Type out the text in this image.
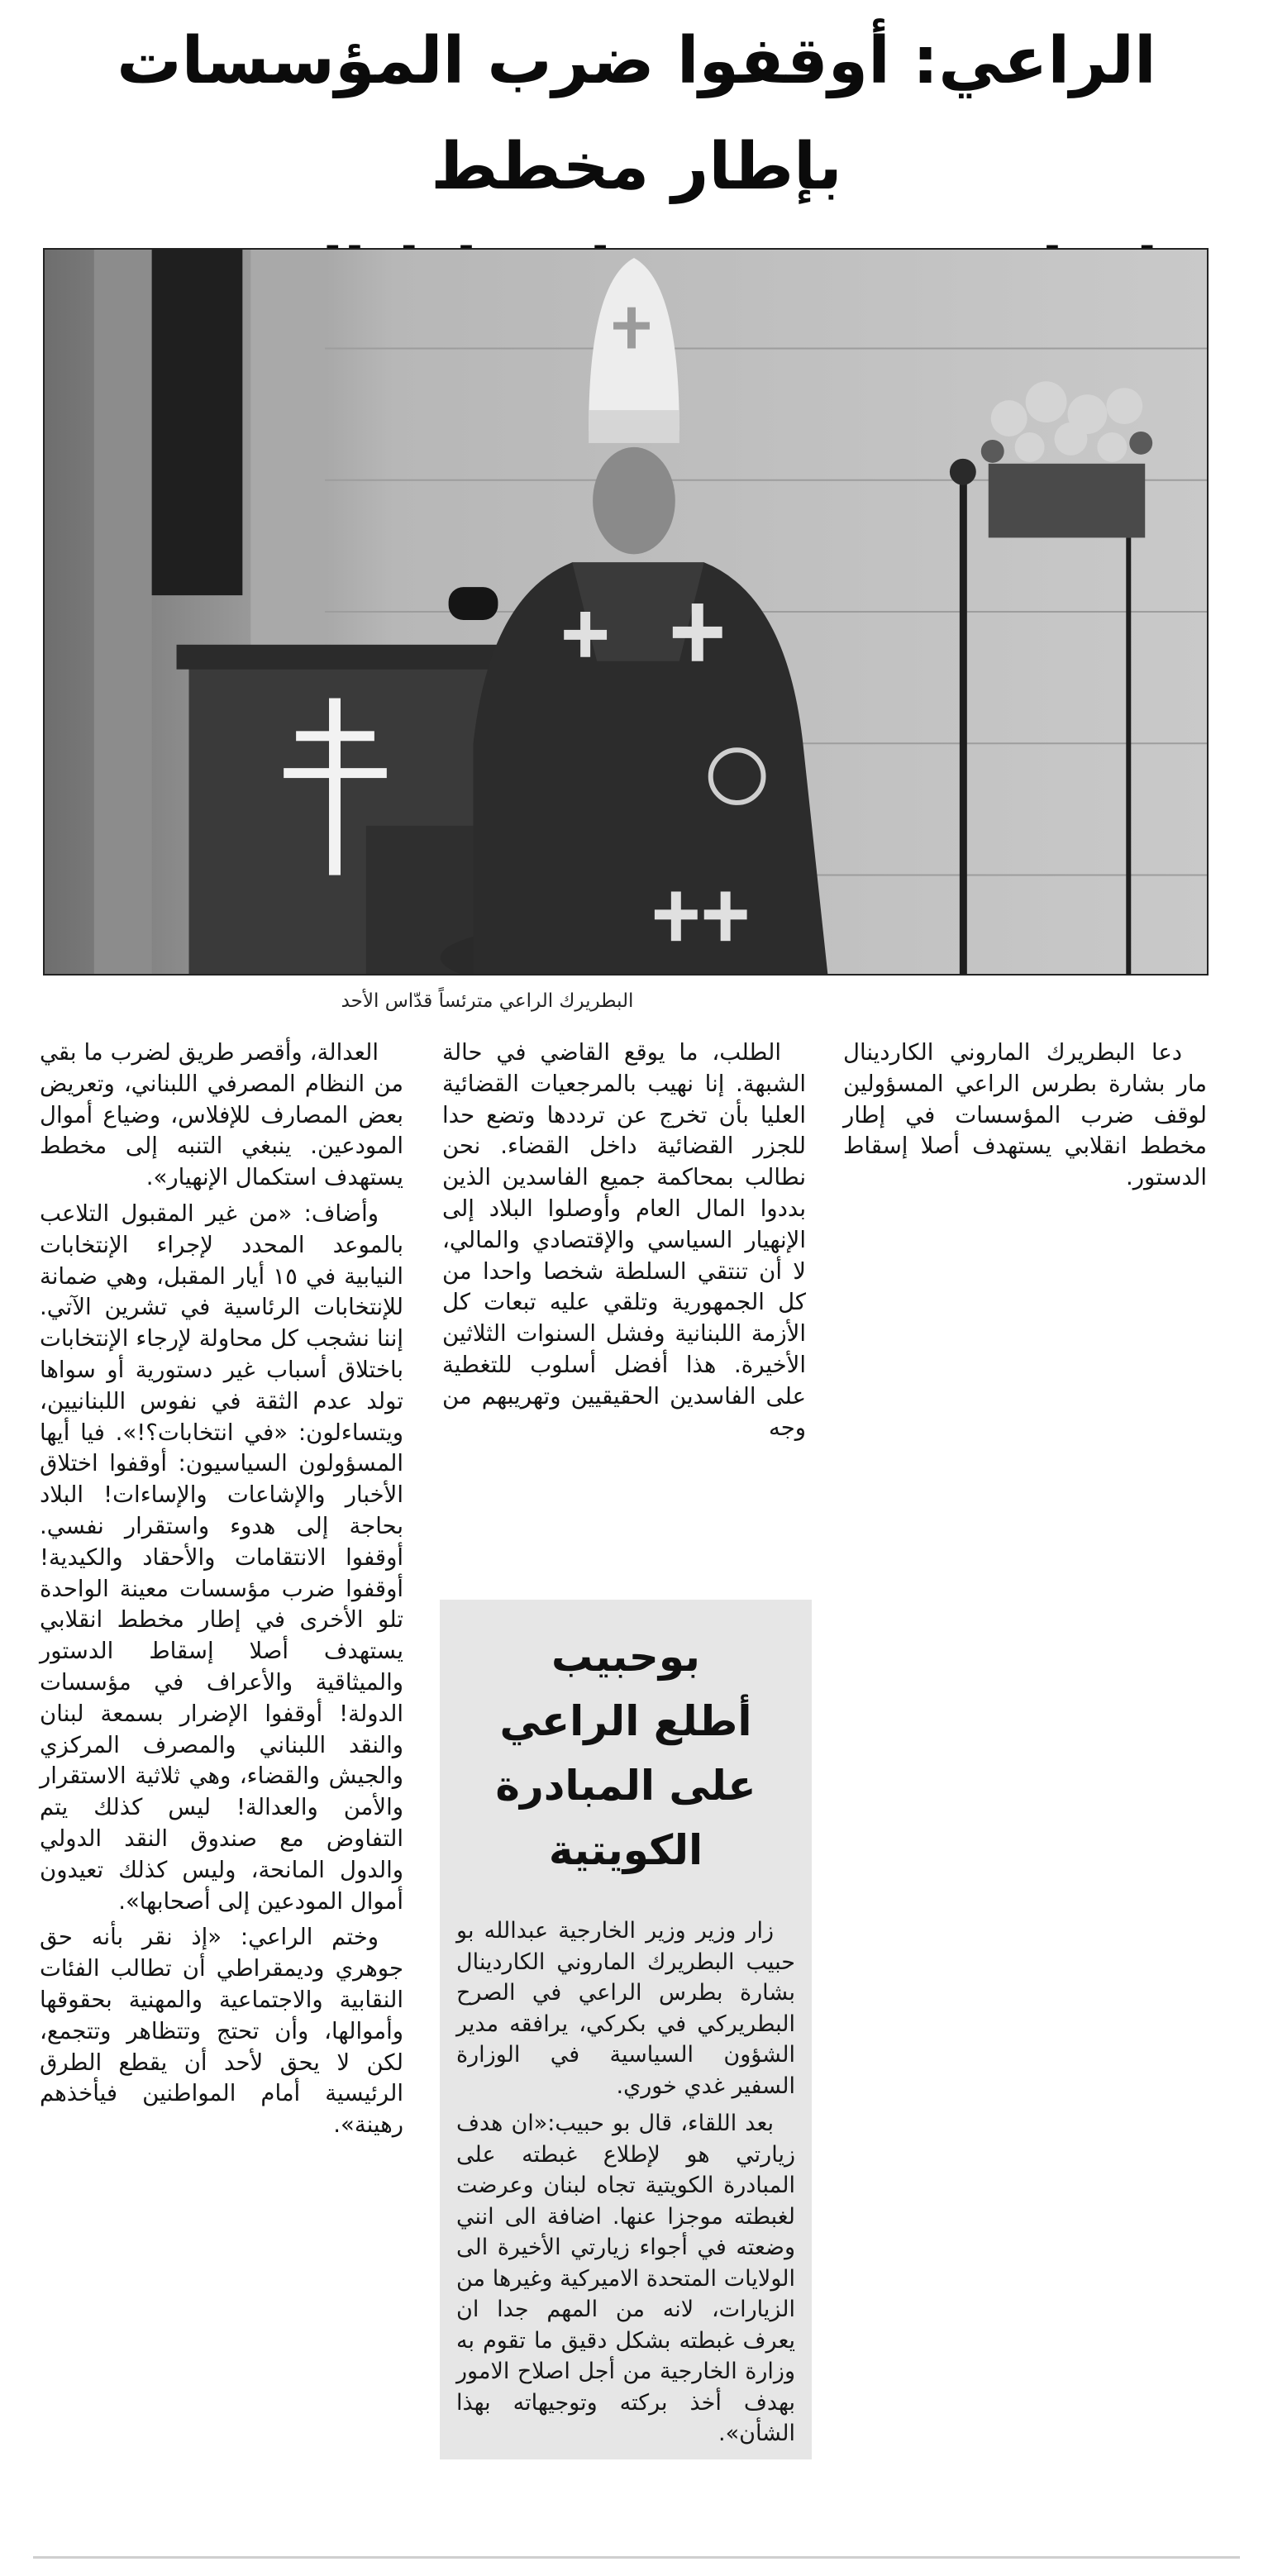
الراعي: أوقفوا ضرب المؤسسات بإطار مخطط
البطريرك الراعي مترئساً قدّاس الأحد

دعا البطريرك الماروني الكاردينال مار بشارة بطرس الراعي المسؤولين لوقف ضرب المؤسسات في إطار مخطط انقلابي يستهدف أصلا إسقاط الدستور.

الطلب، ما يوقع القاضي في حالة الشبهة. إنا نهيب بالمرجعيات القضائية العليا بأن تخرج عن ترددها وتضع حدا للجزر القضائية داخل القضاء. نحن نطالب بمحاكمة جميع الفاسدين الذين بددوا المال العام وأوصلوا البلاد إلى الإنهيار السياسي والإقتصادي والمالي، لا أن تنتقي السلطة شخصا واحدا من كل الجمهورية وتلقي عليه تبعات كل الأزمة اللبنانية وفشل السنوات الثلاثين الأخيرة. هذا أفضل أسلوب للتغطية على الفاسدين الحقيقيين وتهريبهم من وجه

العدالة، وأقصر طريق لضرب ما بقي من النظام المصرفي اللبناني، وتعريض بعض المصارف للإفلاس، وضياع أموال المودعين. ينبغي التنبه إلى مخطط يستهدف استكمال الإنهيار».

وأضاف: «من غير المقبول التلاعب بالموعد المحدد لإجراء الإنتخابات النيابية في ١٥ أيار المقبل، وهي ضمانة للإنتخابات الرئاسية في تشرين الآتي. إننا نشجب كل محاولة لإرجاء الإنتخابات باختلاق أسباب غير دستورية أو سواها تولد عدم الثقة في نفوس اللبنانيين، ويتساءلون: «في انتخابات؟!». فيا أيها المسؤولون السياسيون: أوقفوا اختلاق الأخبار والإشاعات والإساءات! البلاد بحاجة إلى هدوء واستقرار نفسي. أوقفوا الانتقامات والأحقاد والكيدية! أوقفوا ضرب مؤسسات معينة الواحدة تلو الأخرى في إطار مخطط انقلابي يستهدف أصلا إسقاط الدستور والميثاقية والأعراف في مؤسسات الدولة! أوقفوا الإضرار بسمعة لبنان والنقد اللبناني والمصرف المركزي والجيش والقضاء، وهي ثلاثية الاستقرار والأمن والعدالة! ليس كذلك يتم التفاوض مع صندوق النقد الدولي والدول المانحة، وليس كذلك تعيدون أموال المودعين إلى أصحابها».

وختم الراعي: «إذ نقر بأنه حق جوهري وديمقراطي أن تطالب الفئات النقابية والاجتماعية والمهنية بحقوقها وأموالها، وأن تحتج وتتظاهر وتتجمع، لكن لا يحق لأحد أن يقطع الطرق الرئيسية أمام المواطنين فيأخذهم رهينة».

بوحبيب
أطلع الراعي
على المبادرة الكويتية

زار وزير وزير الخارجية عبدالله بو حبيب البطريرك الماروني الكاردينال بشارة بطرس الراعي في الصرح البطريركي في بكركي، يرافقه مدير الشؤون السياسية في الوزارة السفير غدي خوري.

بعد اللقاء، قال بو حبيب:«ان هدف زيارتي هو لإطلاع غبطته على المبادرة الكويتية تجاه لبنان وعرضت لغبطته موجزا عنها. اضافة الى انني وضعته في أجواء زيارتي الأخيرة الى الولايات المتحدة الاميركية وغيرها من الزيارات، لانه من المهم جدا ان يعرف غبطته بشكل دقيق ما تقوم به وزارة الخارجية من أجل اصلاح الامور بهدف أخذ بركته وتوجيهاته بهذا الشأن».
